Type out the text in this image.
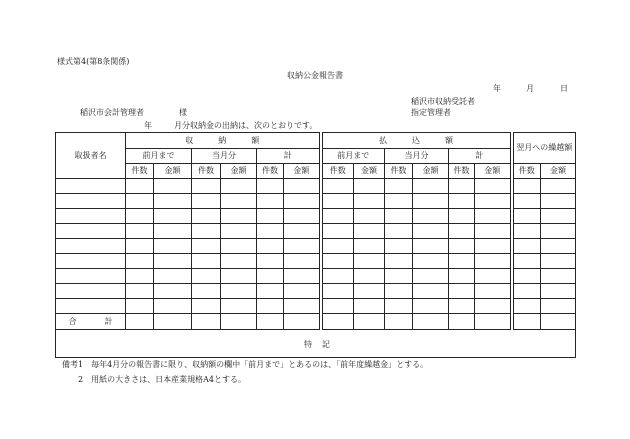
様式第4(第8条関係)
収納公金報告書
年	月	日
稲沢市収納受託者
稲沢市会計管理者	様	指定管理者
年	月分収納金の出納は、次のとおりです。
取扱者名	収　　納　　額						払　　込　　額						翌月への繰越額	
	前月まで		当月分		計		前月まで		当月分		計			
	件数	金額	件数	金額	件数	金額	件数	金額	件数	金額	件数	金額	件数	金額

合　　計														
特　記														
備考 1　毎年4月分の報告書に限り、収納額の欄中「前月まで」とあるのは、「前年度繰越金」とする。
2　用紙の大きさは、日本産業規格A4とする。
